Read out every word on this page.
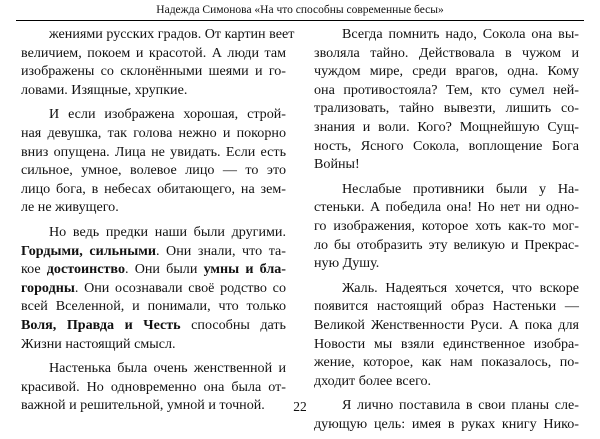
Надежда Симонова «На что способны современные бесы»
жениями русских градов. От картин веет
величием, покоем и красотой. А люди там
изображены со склонёнными шеями и го-
ловами. Изящные, хрупкие.
И если изображена хорошая, строй-
ная девушка, так голова нежно и покорно
вниз опущена. Лица не увидать. Если есть
сильное, умное, волевое лицо — то это
лицо бога, в небесах обитающего, на зем-
ле не живущего.
Но ведь предки наши были другими.
Гордыми, сильными. Они знали, что та-
кое достоинство. Они были умны и бла-
городны. Они осознавали своё родство со
всей Вселенной, и понимали, что только
Воля, Правда и Честь способны дать
Жизни настоящий смысл.
Настенька была очень женственной и
красивой. Но одновременно она была от-
важной и решительной, умной и точной.
Всегда помнить надо, Сокола она вы-
зволяла тайно. Действовала в чужом и
чуждом мире, среди врагов, одна. Кому
она противостояла? Тем, кто сумел ней-
трализовать, тайно вывезти, лишить со-
знания и воли. Кого? Мощнейшую Сущ-
ность, Ясного Сокола, воплощение Бога
Войны!
Неслабые противники были у На-
стеньки. А победила она! Но нет ни одно-
го изображения, которое хоть как-то мог-
ло бы отобразить эту великую и Прекрас-
ную Душу.
Жаль. Надеяться хочется, что вскоре
появится настоящий образ Настеньки —
Великой Женственности Руси. А пока для
Новости мы взяли единственное изобра-
жение, которое, как нам показалось, по-
дходит более всего.
Я лично поставила в свои планы сле-
дующую цель: имея в руках книгу Нико-
22
